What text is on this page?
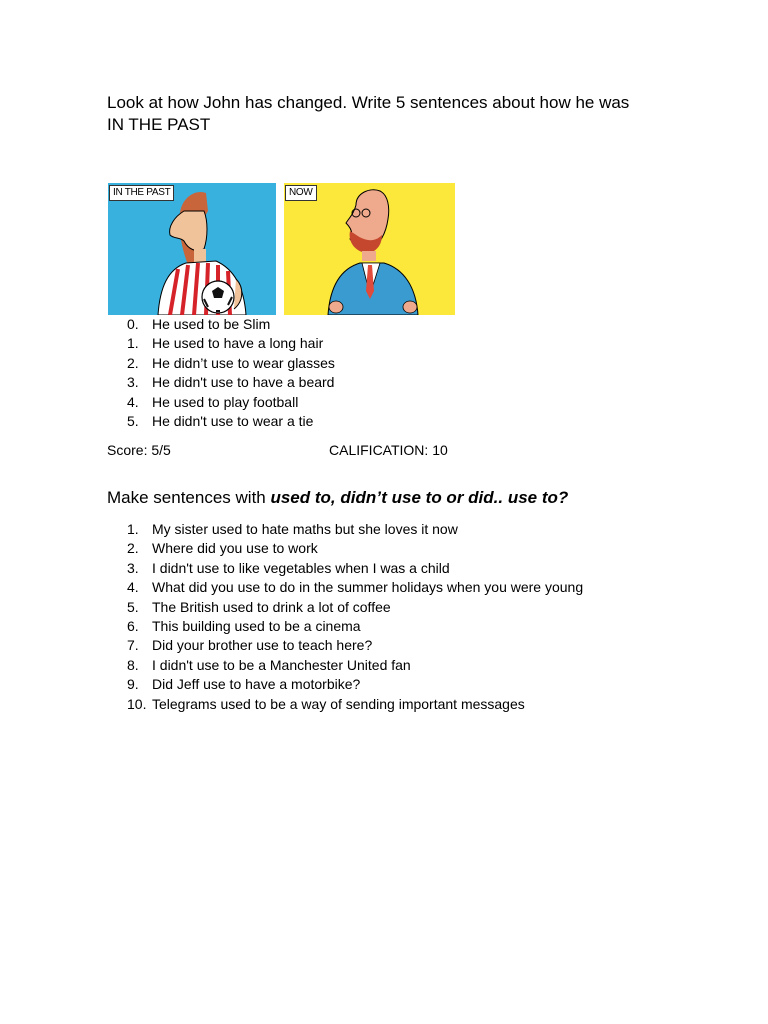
Look at how John has changed. Write 5 sentences about how he was
IN THE PAST
IN THE PAST	NOW
0. He used to be Slim
1. He used to have a long hair
2. He didn’t use to wear glasses
3. He didn't use to have a beard
4. He used to play football
5. He didn't use to wear a tie
Score: 5/5	CALIFICATION: 10
Make sentences with used to, didn’t use to or did.. use to?
1. My sister used to hate maths but she loves it now
2. Where did you use to work
3. I didn't use to like vegetables when I was a child
4. What did you use to do in the summer holidays when you were young
5. The British used to drink a lot of coffee
6. This building used to be a cinema
7. Did your brother use to teach here?
8. I didn't use to be a Manchester United fan
9. Did Jeff use to have a motorbike?
10. Telegrams used to be a way of sending important messages
